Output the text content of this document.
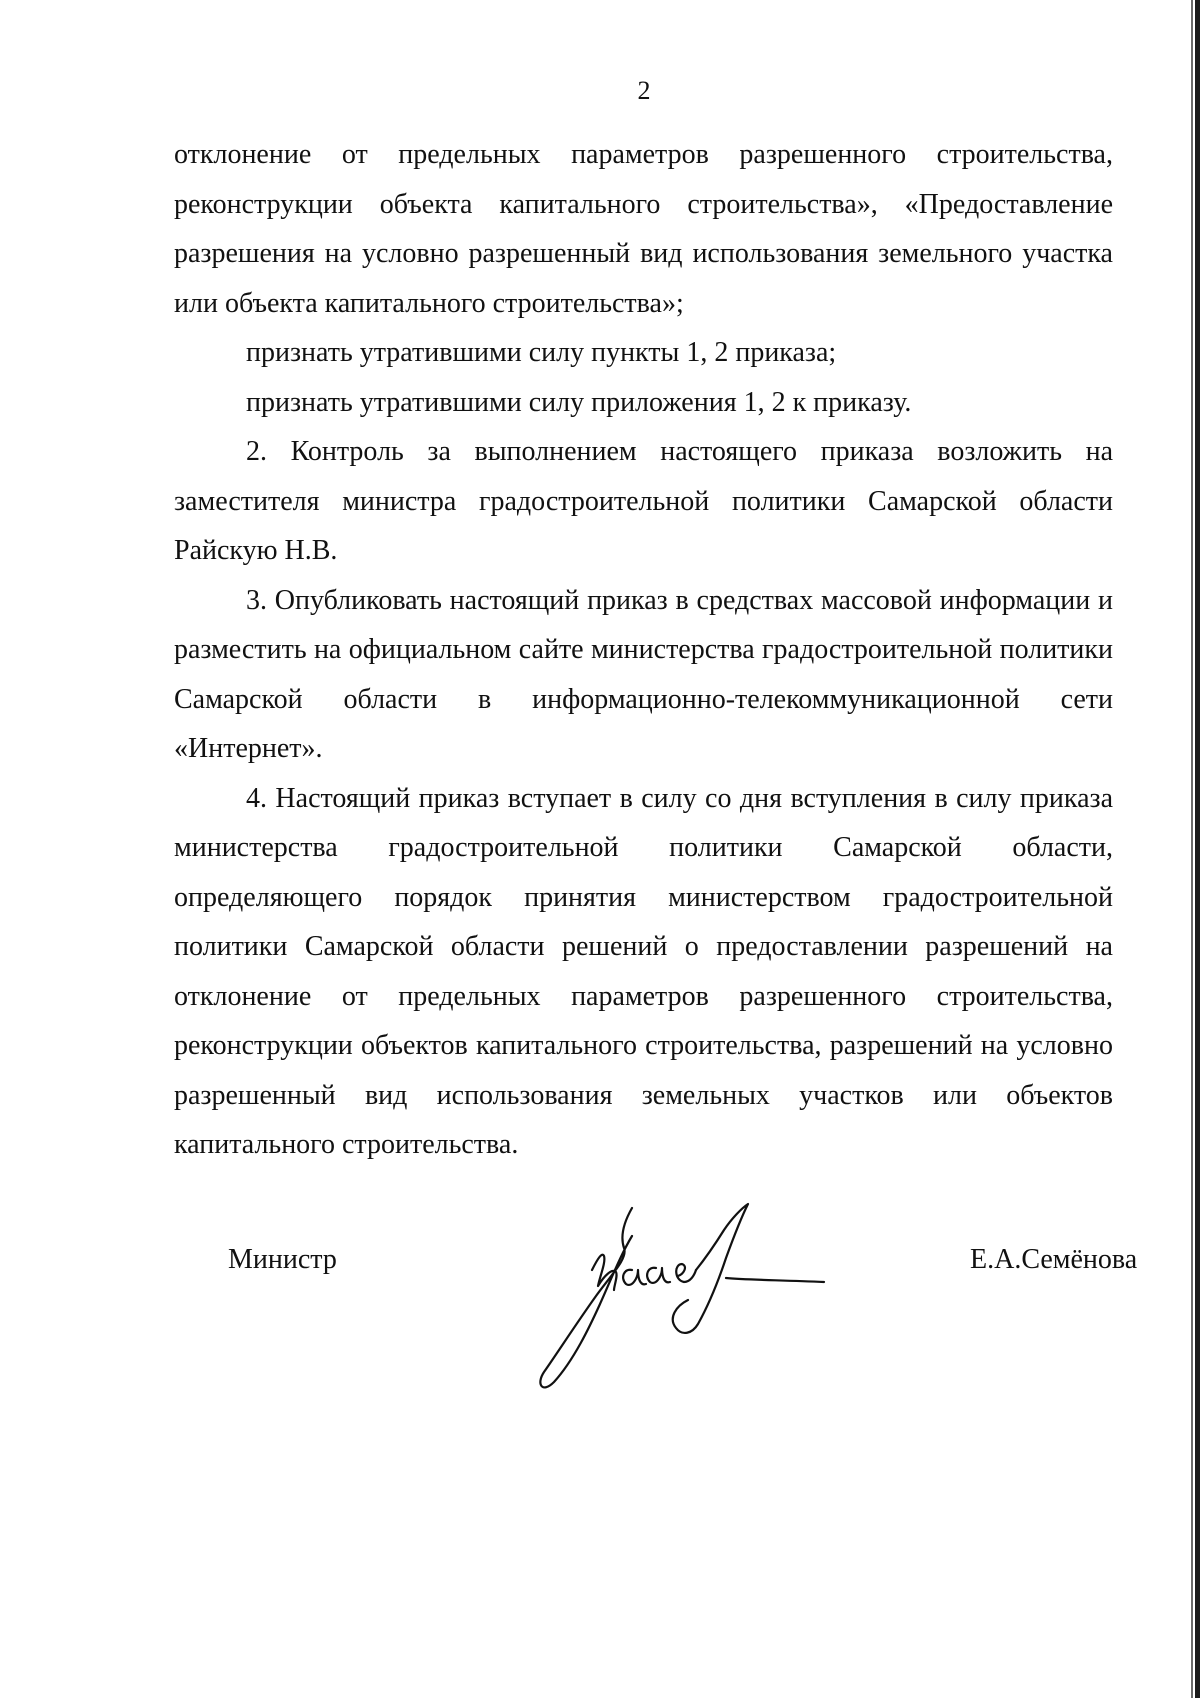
2

отклонение от предельных параметров разрешенного строительства, реконструкции объекта капитального строительства», «Предоставление разрешения на условно разрешенный вид использования земельного участка или объекта капитального строительства»;

признать утратившими силу пункты 1, 2 приказа;

признать утратившими силу приложения 1, 2 к приказу.

2. Контроль за выполнением настоящего приказа возложить на заместителя министра градостроительной политики Самарской области Райскую Н.В.

3. Опубликовать настоящий приказ в средствах массовой информации и разместить на официальном сайте министерства градостроительной политики Самарской области в информационно-телекоммуникационной сети «Интернет».

4. Настоящий приказ вступает в силу со дня вступления в силу приказа министерства градостроительной политики Самарской области, определяющего порядок принятия министерством градостроительной политики Самарской области решений о предоставлении разрешений на отклонение от предельных параметров разрешенного строительства, реконструкции объектов капитального строительства, разрешений на условно разрешенный вид использования земельных участков или объектов капитального строительства.

Министр	Е.А.Семёнова
